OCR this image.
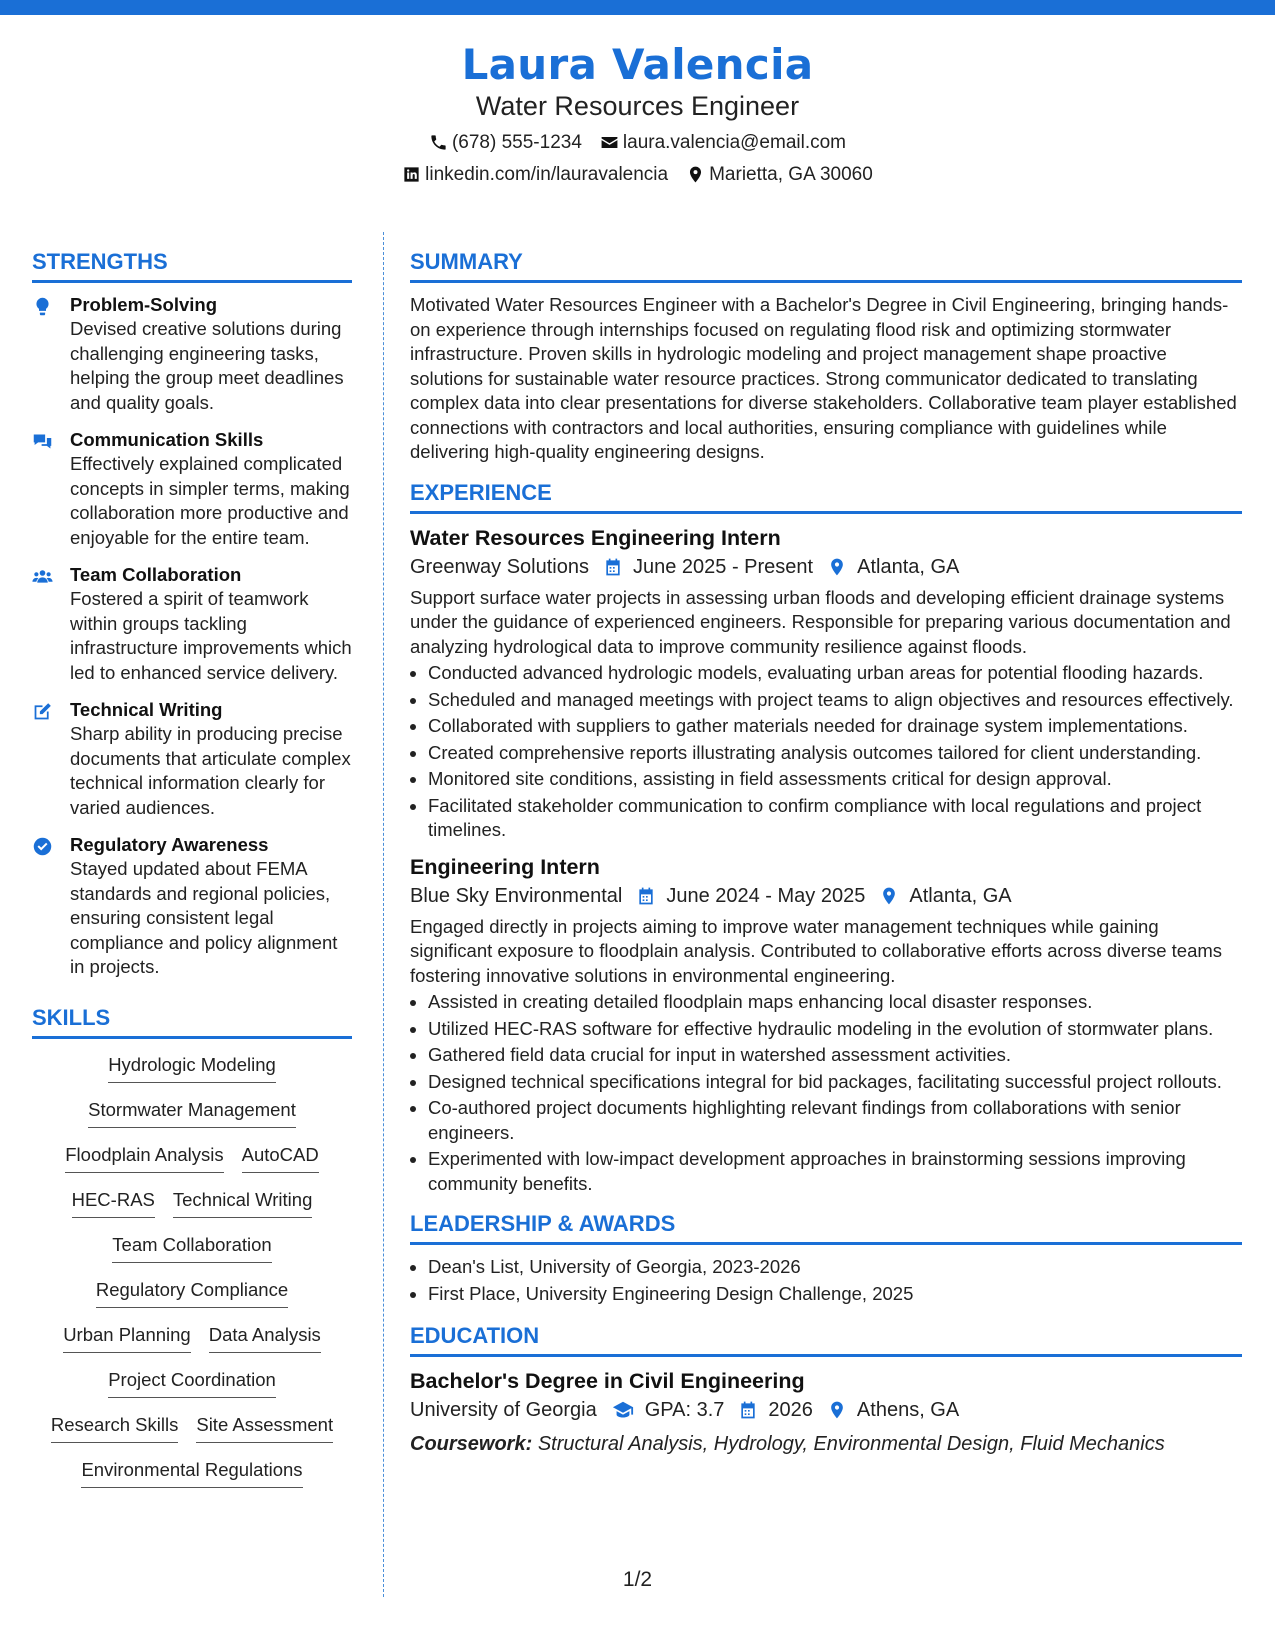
Laura Valencia
Water Resources Engineer
(678) 555-1234 laura.valencia@email.com
linkedin.com/in/lauravalencia Marietta, GA 30060
STRENGTHS
Problem-Solving
Devised creative solutions during challenging engineering tasks, helping the group meet deadlines and quality goals.
Communication Skills
Effectively explained complicated concepts in simpler terms, making collaboration more productive and enjoyable for the entire team.
Team Collaboration
Fostered a spirit of teamwork within groups tackling infrastructure improvements which led to enhanced service delivery.
Technical Writing
Sharp ability in producing precise documents that articulate complex technical information clearly for varied audiences.
Regulatory Awareness
Stayed updated about FEMA standards and regional policies, ensuring consistent legal compliance and policy alignment in projects.
SKILLS
Hydrologic Modeling
Stormwater Management
Floodplain Analysis AutoCAD
HEC-RAS Technical Writing
Team Collaboration
Regulatory Compliance
Urban Planning Data Analysis
Project Coordination
Research Skills Site Assessment
Environmental Regulations
SUMMARY
Motivated Water Resources Engineer with a Bachelor's Degree in Civil Engineering, bringing hands-on experience through internships focused on regulating flood risk and optimizing stormwater infrastructure. Proven skills in hydrologic modeling and project management shape proactive solutions for sustainable water resource practices. Strong communicator dedicated to translating complex data into clear presentations for diverse stakeholders. Collaborative team player established connections with contractors and local authorities, ensuring compliance with guidelines while delivering high-quality engineering designs.
EXPERIENCE
Water Resources Engineering Intern
Greenway Solutions June 2025 - Present Atlanta, GA
Support surface water projects in assessing urban floods and developing efficient drainage systems under the guidance of experienced engineers. Responsible for preparing various documentation and analyzing hydrological data to improve community resilience against floods.
• Conducted advanced hydrologic models, evaluating urban areas for potential flooding hazards.
• Scheduled and managed meetings with project teams to align objectives and resources effectively.
• Collaborated with suppliers to gather materials needed for drainage system implementations.
• Created comprehensive reports illustrating analysis outcomes tailored for client understanding.
• Monitored site conditions, assisting in field assessments critical for design approval.
• Facilitated stakeholder communication to confirm compliance with local regulations and project timelines.
Engineering Intern
Blue Sky Environmental June 2024 - May 2025 Atlanta, GA
Engaged directly in projects aiming to improve water management techniques while gaining significant exposure to floodplain analysis. Contributed to collaborative efforts across diverse teams fostering innovative solutions in environmental engineering.
• Assisted in creating detailed floodplain maps enhancing local disaster responses.
• Utilized HEC-RAS software for effective hydraulic modeling in the evolution of stormwater plans.
• Gathered field data crucial for input in watershed assessment activities.
• Designed technical specifications integral for bid packages, facilitating successful project rollouts.
• Co-authored project documents highlighting relevant findings from collaborations with senior engineers.
• Experimented with low-impact development approaches in brainstorming sessions improving community benefits.
LEADERSHIP & AWARDS
• Dean's List, University of Georgia, 2023-2026
• First Place, University Engineering Design Challenge, 2025
EDUCATION
Bachelor's Degree in Civil Engineering
University of Georgia GPA: 3.7 2026 Athens, GA
Coursework: Structural Analysis, Hydrology, Environmental Design, Fluid Mechanics
1/2
